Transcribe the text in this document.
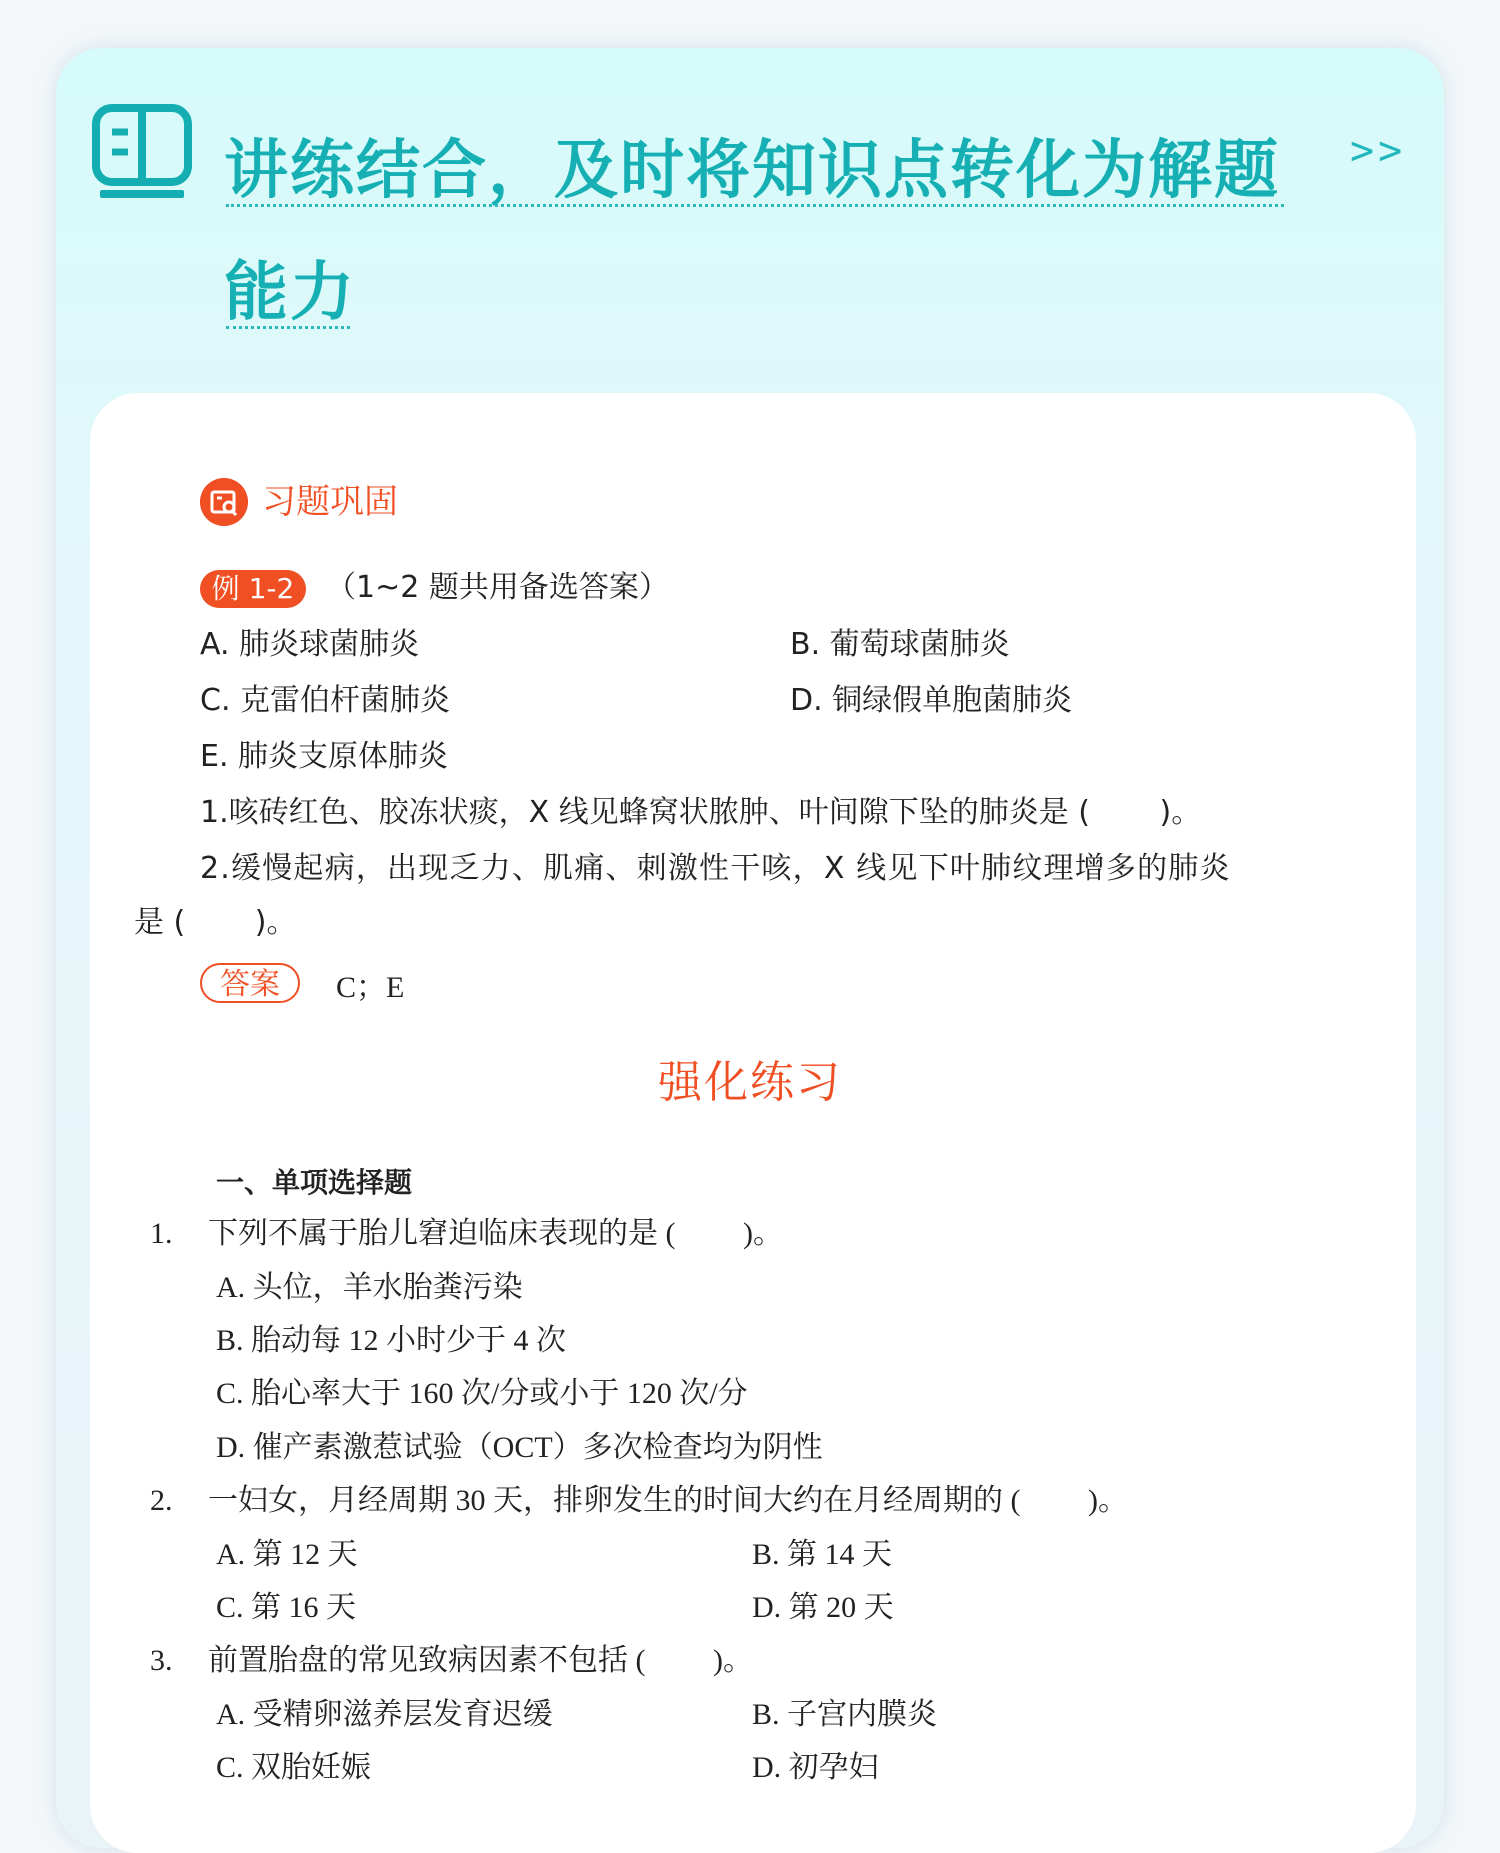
讲练结合，及时将知识点转化为解题
能力
>>
习题巩固
例 1-2	（1~2 题共用备选答案）
A. 肺炎球菌肺炎	B. 葡萄球菌肺炎
C. 克雷伯杆菌肺炎	D. 铜绿假单胞菌肺炎
E. 肺炎支原体肺炎
1.咳砖红色、胶冻状痰，X 线见蜂窝状脓肿、叶间隙下坠的肺炎是 (　　 )。
2.缓慢起病，出现乏力、肌痛、刺激性干咳，X 线见下叶肺纹理增多的肺炎
是 (　　 )。
答案	C；E
强化练习
一、单项选择题
1. 下列不属于胎儿窘迫临床表现的是 (　　 )。
A. 头位，羊水胎粪污染
B. 胎动每 12 小时少于 4 次
C. 胎心率大于 160 次/分或小于 120 次/分
D. 催产素激惹试验（OCT）多次检查均为阴性
2. 一妇女，月经周期 30 天，排卵发生的时间大约在月经周期的 (　　 )。
A. 第 12 天	B. 第 14 天
C. 第 16 天	D. 第 20 天
3. 前置胎盘的常见致病因素不包括 (　　 )。
A. 受精卵滋养层发育迟缓	B. 子宫内膜炎
C. 双胎妊娠	D. 初孕妇
